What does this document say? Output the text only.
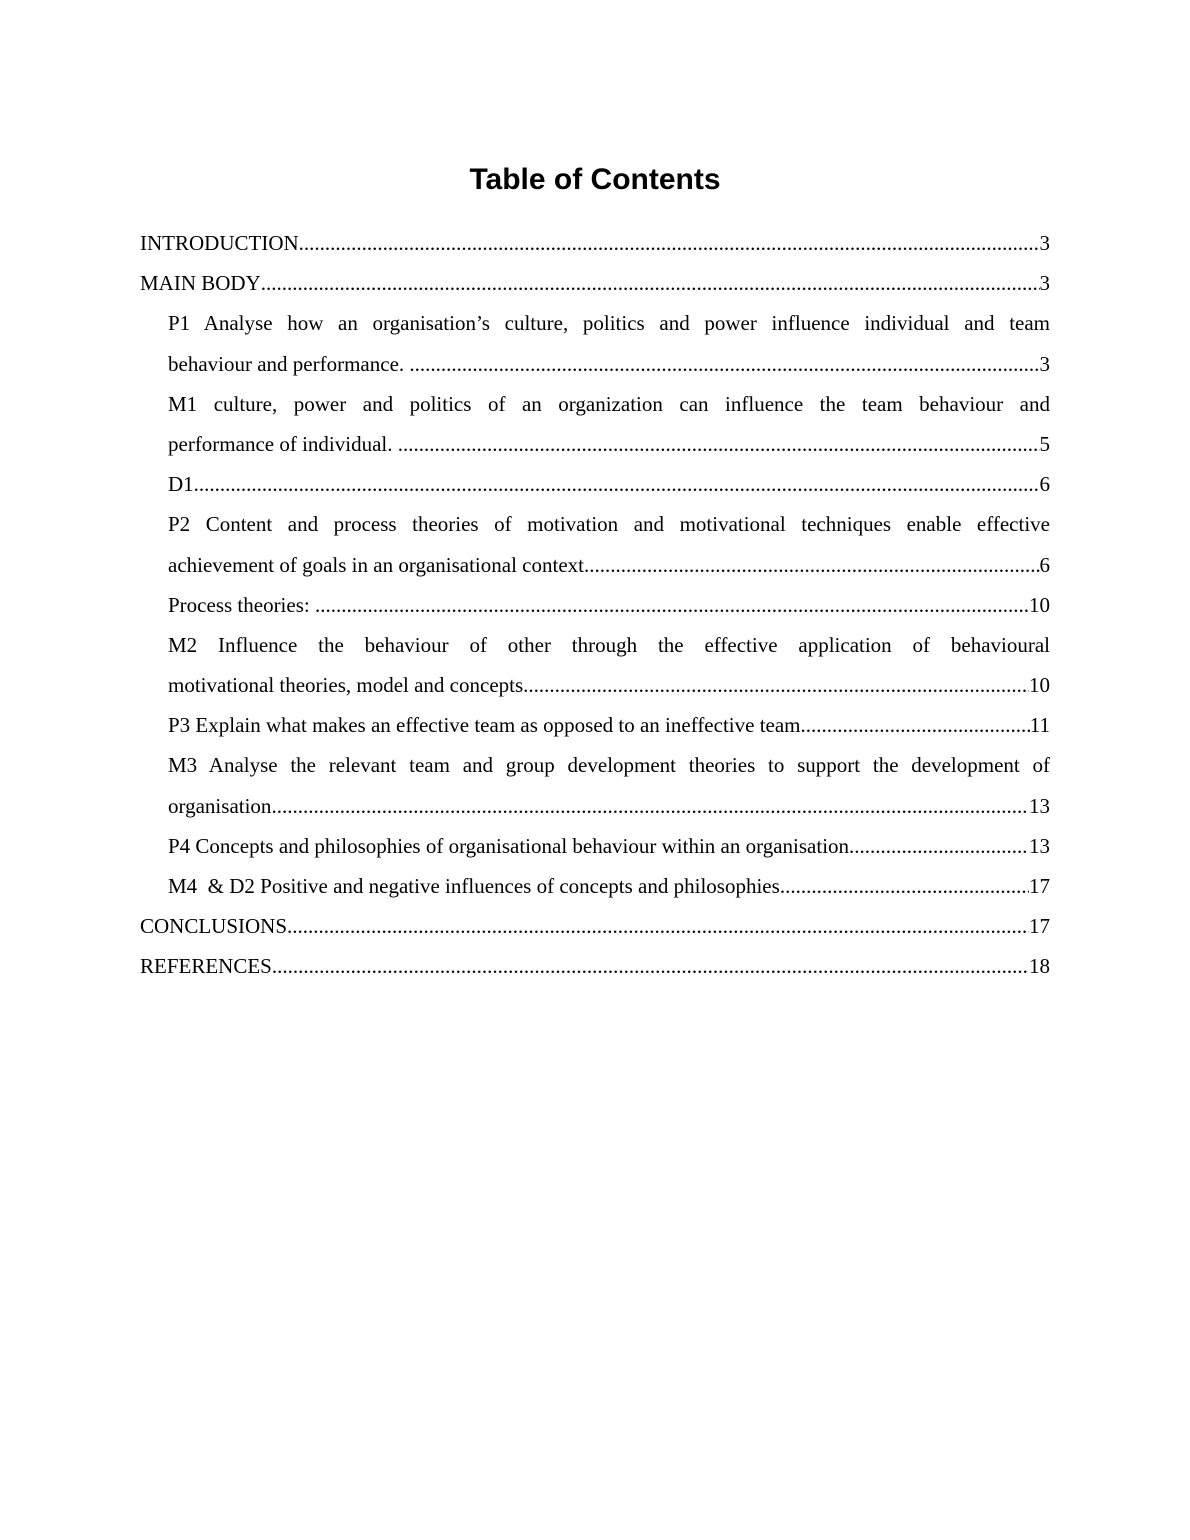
Table of Contents
INTRODUCTION .....	3
MAIN BODY .....	3
P1 Analyse how an organisation’s culture, politics and power influence individual and team
behaviour and performance. .....	3
M1 culture, power and politics of an organization can influence the team behaviour and
performance of individual. .....	5
D1 .....	6
P2 Content and process theories of motivation and motivational techniques enable effective
achievement of goals in an organisational context .....	6
Process theories: .....	10
M2 Influence the behaviour of other through the effective application of behavioural
motivational theories, model and concepts .....	10
P3 Explain what makes an effective team as opposed to an ineffective team .....	11
M3 Analyse the relevant team and group development theories to support the development of
organisation .....	13
P4 Concepts and philosophies of organisational behaviour within an organisation .....	13
M4  & D2 Positive and negative influences of concepts and philosophies .....	17
CONCLUSIONS .....	17
REFERENCES .....	18
